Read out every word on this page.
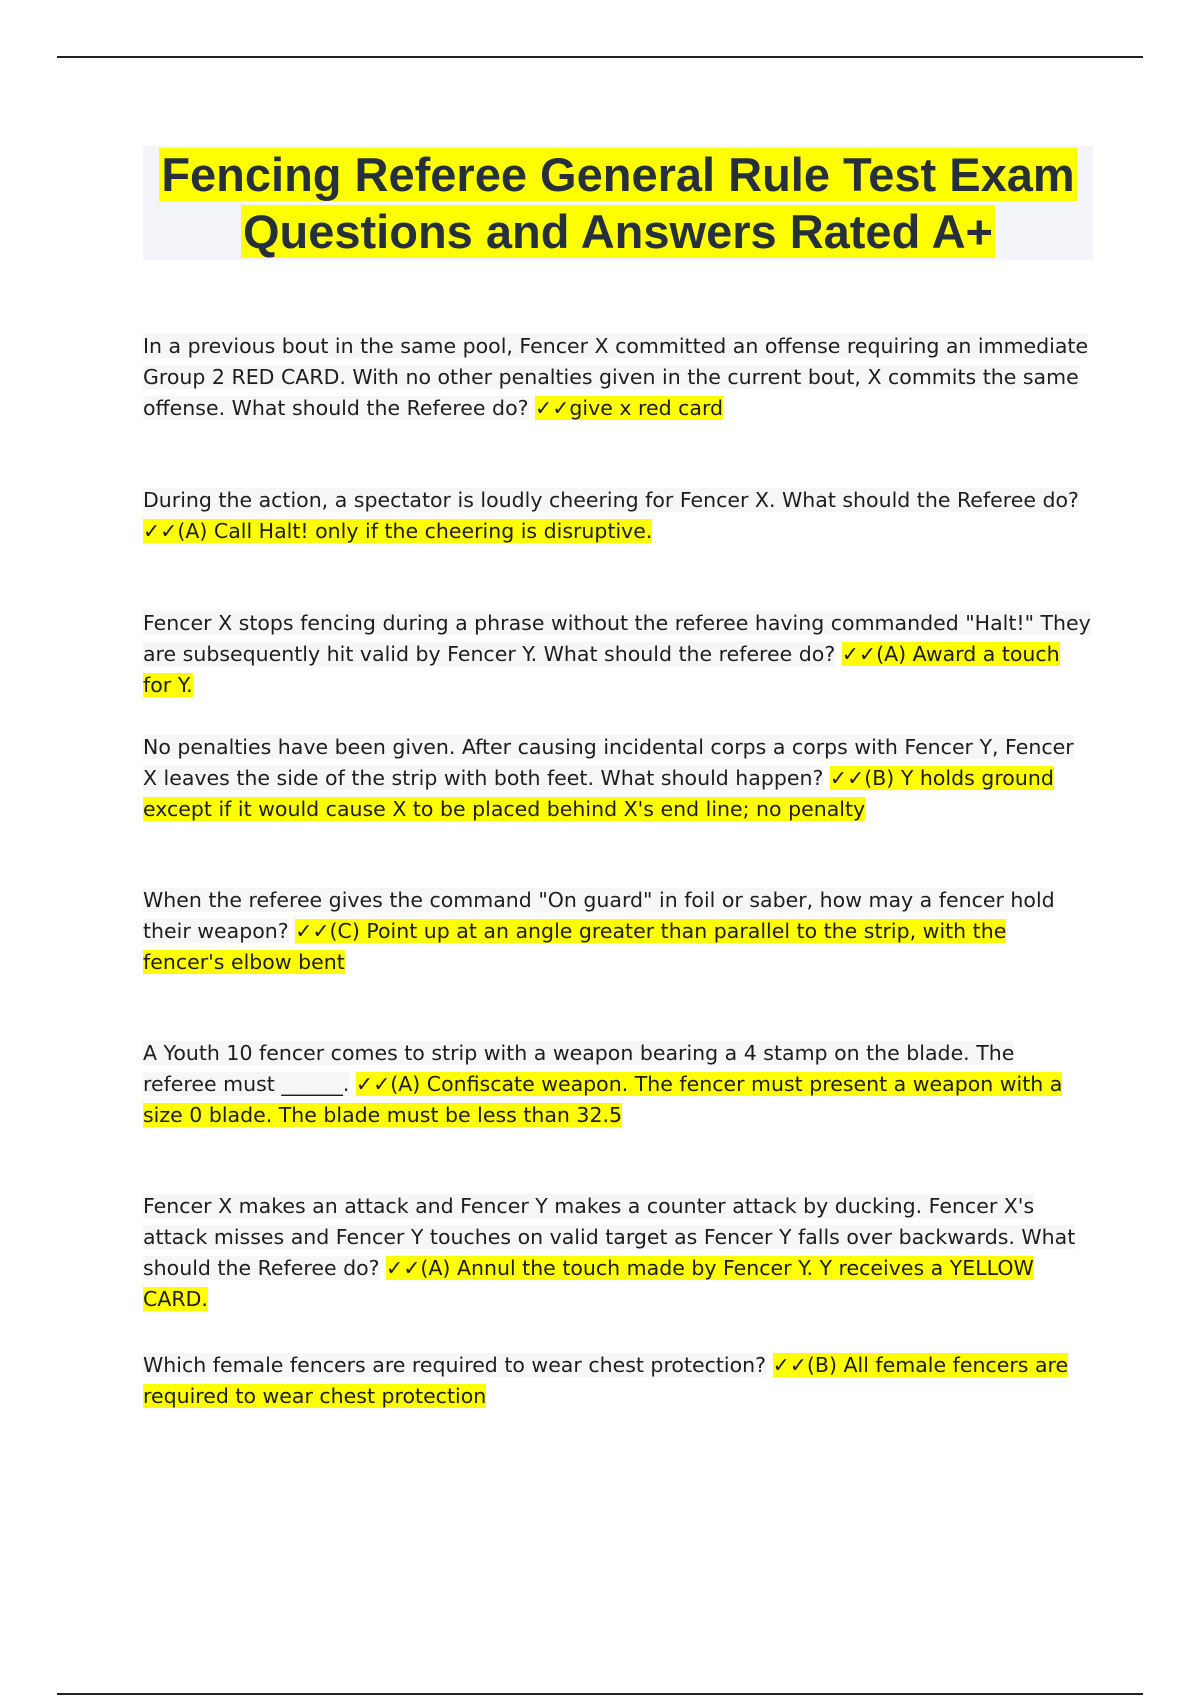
Fencing Referee General Rule Test Exam
Questions and Answers Rated A+
In a previous bout in the same pool, Fencer X committed an offense requiring an immediate Group 2 RED CARD. With no other penalties given in the current bout, X commits the same offense. What should the Referee do? ✓✓give x red card
During the action, a spectator is loudly cheering for Fencer X. What should the Referee do? ✓✓(A) Call Halt! only if the cheering is disruptive.
Fencer X stops fencing during a phrase without the referee having commanded "Halt!" They are subsequently hit valid by Fencer Y. What should the referee do? ✓✓(A) Award a touch for Y.
No penalties have been given. After causing incidental corps a corps with Fencer Y, Fencer X leaves the side of the strip with both feet. What should happen? ✓✓(B) Y holds ground except if it would cause X to be placed behind X's end line; no penalty
When the referee gives the command "On guard" in foil or saber, how may a fencer hold their weapon? ✓✓(C) Point up at an angle greater than parallel to the strip, with the fencer's elbow bent
A Youth 10 fencer comes to strip with a weapon bearing a 4 stamp on the blade. The referee must ______. ✓✓(A) Confiscate weapon. The fencer must present a weapon with a size 0 blade. The blade must be less than 32.5
Fencer X makes an attack and Fencer Y makes a counter attack by ducking. Fencer X's attack misses and Fencer Y touches on valid target as Fencer Y falls over backwards. What should the Referee do? ✓✓(A) Annul the touch made by Fencer Y. Y receives a YELLOW CARD.
Which female fencers are required to wear chest protection? ✓✓(B) All female fencers are required to wear chest protection
